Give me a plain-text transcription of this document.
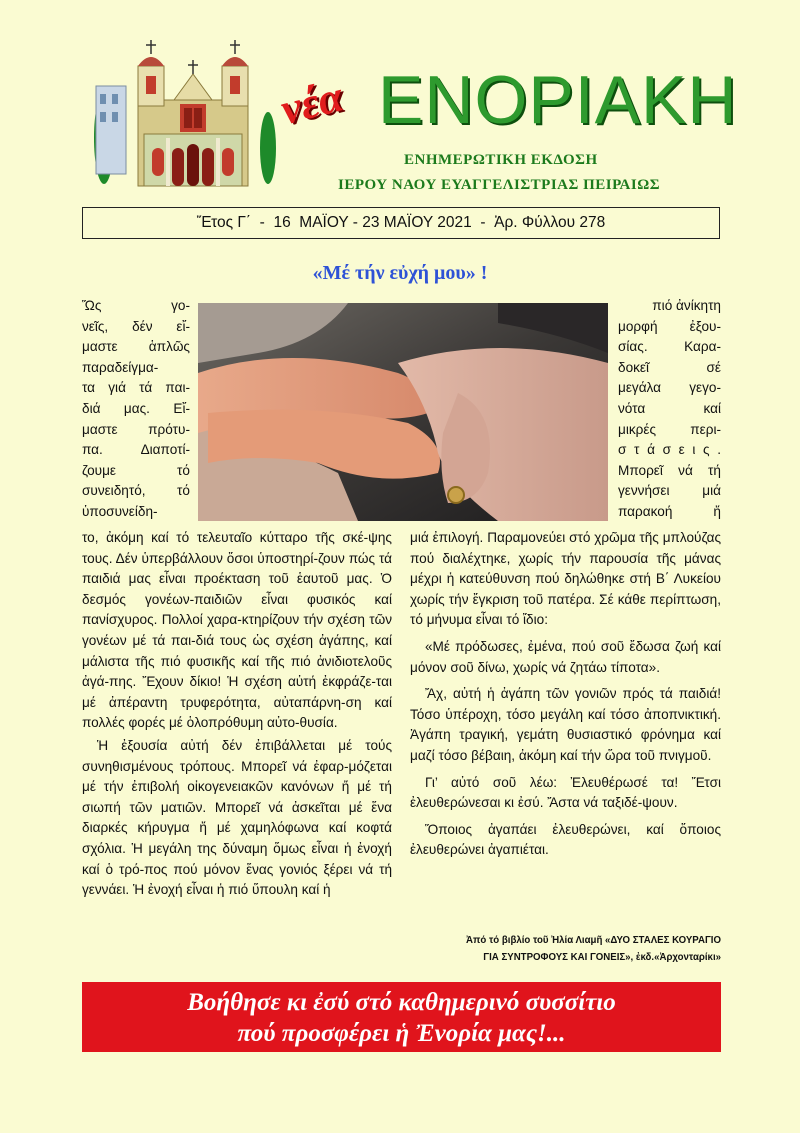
νέα ΕΝΟΡΙΑΚΗ
ΕΝΗΜΕΡΩΤΙΚΗ ΕΚΔΟΣΗ
ΙΕΡΟΥ ΝΑΟΥ ΕΥΑΓΓΕΛΙΣΤΡΙΑΣ ΠΕΙΡΑΙΩΣ
Ἔτος Γ΄  -  16  ΜΑΪΟΥ - 23 ΜΑΪΟΥ 2021  -  Ἀρ. Φύλλου 278
«Μέ τήν εὐχή μου» !
Ὥς γο-
νεῖς, δέν εἴ-
μαστε ἁπλῶς
παραδείγμα-
τα γιά τά παι-
διά μας. Εἴ-
μαστε πρότυ-
πα. Διαποτί-
ζουμε τό
συνειδητό, τό
ὑποσυνείδη-
πιό ἀνίκητη
μορφή ἐξου-
σίας. Καρα-
δοκεῖ σέ
μεγάλα γεγο-
νότα καί
μικρές περι-
σ τ ά σ ε ι ς .
Μπορεῖ νά τή
γεννήσει μιά
παρακοή ἤ

το, ἀκόμη καί τό τελευταῖο κύτταρο τῆς σκέ-ψης τους. Δέν ὑπερβάλλουν ὅσοι ὑποστηρί-ζουν πώς τά παιδιά μας εἶναι προέκταση τοῦ ἑαυτοῦ μας. Ὁ δεσμός γονέων-παιδιῶν εἶναι φυσικός καί πανίσχυρος. Πολλοί χαρα-κτηρίζουν τήν σχέση τῶν γονέων μέ τά παι-διά τους ὡς σχέση ἀγάπης, καί μάλιστα τῆς πιό φυσικῆς καί τῆς πιό ἀνιδιοτελοῦς ἀγά-πης. Ἔχουν δίκιο! Ἡ σχέση αὐτή ἐκφράζε-ται μέ ἀπέραντη τρυφερότητα, αὐταπάρνη-ση καί πολλές φορές μέ ὁλοπρόθυμη αὐτο-θυσία.

Ἡ ἐξουσία αὐτή δέν ἐπιβάλλεται μέ τούς συνηθισμένους τρόπους. Μπορεῖ νά ἐφαρ-μόζεται μέ τήν ἐπιβολή οἰκογενειακῶν κανόνων ἤ μέ τή σιωπή τῶν ματιῶν. Μπορεῖ νά ἀσκεῖται μέ ἕνα διαρκές κήρυγμα ἤ μέ χαμηλόφωνα καί κοφτά σχόλια. Ἡ μεγάλη της δύναμη ὅμως εἶναι ἡ ἐνοχή καί ὁ τρό-πος πού μόνον ἕνας γονιός ξέρει νά τή γεννάει. Ἡ ἐνοχή εἶναι ἡ πιό ὕπουλη καί ἡ

μιά ἐπιλογή. Παραμονεύει στό χρῶμα τῆς μπλούζας πού διαλέχτηκε, χωρίς τήν παρουσία τῆς μάνας μέχρι ἡ κατεύθυνση πού δηλώθηκε στή Β΄ Λυκείου χωρίς τήν ἔγκριση τοῦ πατέρα. Σέ κάθε περίπτωση, τό μήνυμα εἶναι τό ἴδιο:

«Μέ πρόδωσες, ἐμένα, πού σοῦ ἔδωσα ζωή καί μόνον σοῦ δίνω, χωρίς νά ζητάω τίποτα».

Ἄχ, αὐτή ἡ ἀγάπη τῶν γονιῶν πρός τά παιδιά! Τόσο ὑπέροχη, τόσο μεγάλη καί τόσο ἀποπνικτική. Ἀγάπη τραγική, γεμάτη θυσιαστικό φρόνημα καί μαζί τόσο βέβαιη, ἀκόμη καί τήν ὥρα τοῦ πνιγμοῦ.

Γι’ αὐτό σοῦ λέω: Ἐλευθέρωσέ τα! Ἔτσι ἐλευθερώνεσαι κι ἐσύ. Ἄστα νά ταξιδέ-ψουν.

Ὅποιος ἀγαπάει ἐλευθερώνει, καί ὅποιος ἐλευθερώνει ἀγαπιέται.

Ἀπό τό βιβλίο τοῦ Ἠλία Λιαμῆ «ΔΥΟ ΣΤΑΛΕΣ ΚΟΥΡΑΓΙΟ
ΓΙΑ ΣΥΝΤΡΟΦΟΥΣ ΚΑΙ ΓΟΝΕΙΣ», ἐκδ.«Ἀρχονταρίκι»
Βοήθησε κι ἐσύ στό καθημερινό συσσίτιο
πού προσφέρει ἡ Ἐνορία μας!...
